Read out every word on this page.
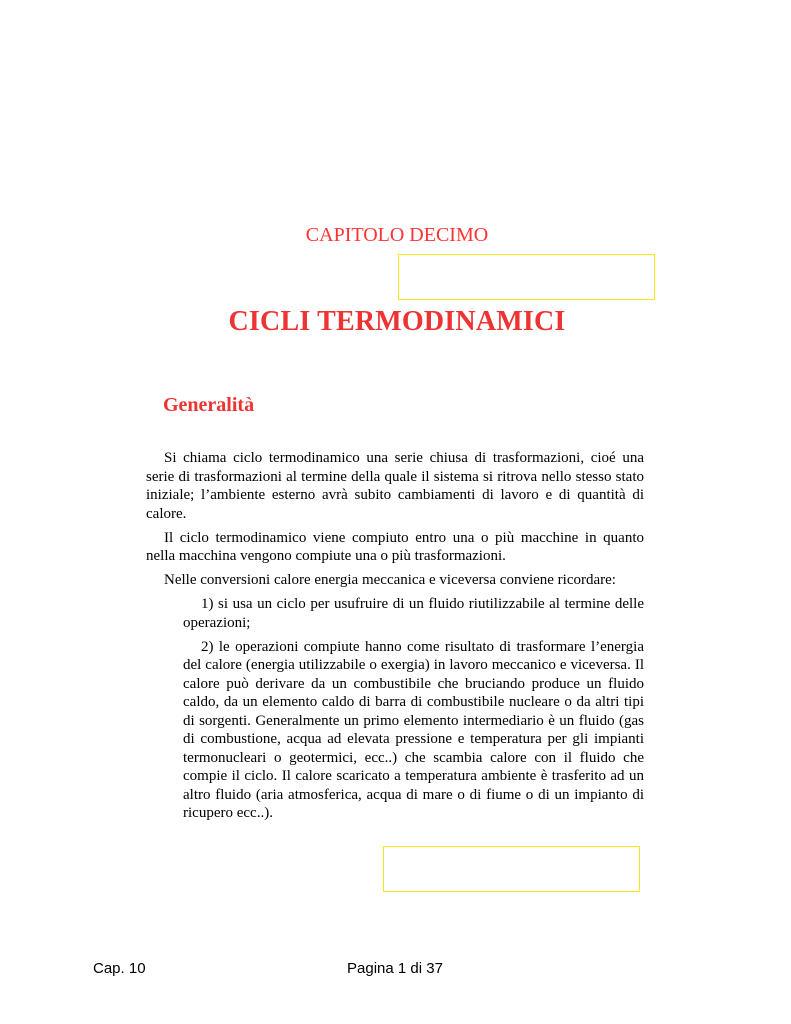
CAPITOLO DECIMO
CICLI TERMODINAMICI
Generalità

Si chiama ciclo termodinamico una serie chiusa di trasformazioni, cioé una serie di trasformazioni al termine della quale il sistema si ritrova nello stesso stato iniziale; l’ambiente esterno avrà subito cambiamenti di lavoro e di quantità di calore.

Il ciclo termodinamico viene compiuto entro una o più macchine in quanto nella macchina vengono compiute una o più trasformazioni.

Nelle conversioni calore energia meccanica e viceversa conviene ricordare:

1) si usa un ciclo per usufruire di un fluido riutilizzabile al termine delle operazioni;

2) le operazioni compiute hanno come risultato di trasformare l’energia del calore (energia utilizzabile o exergia) in lavoro meccanico e viceversa. Il calore può derivare da un combustibile che bruciando produce un fluido caldo, da un elemento caldo di barra di combustibile nucleare o da altri tipi di sorgenti. Generalmente un primo elemento intermediario è un fluido (gas di combustione, acqua ad elevata pressione e temperatura per gli impianti termonucleari o geotermici, ecc..) che scambia calore con il fluido che compie il ciclo. Il calore scaricato a temperatura ambiente è trasferito ad un altro fluido (aria atmosferica, acqua di mare o di fiume o di un impianto di ricupero ecc..).

Cap. 10	Pagina 1 di 37
